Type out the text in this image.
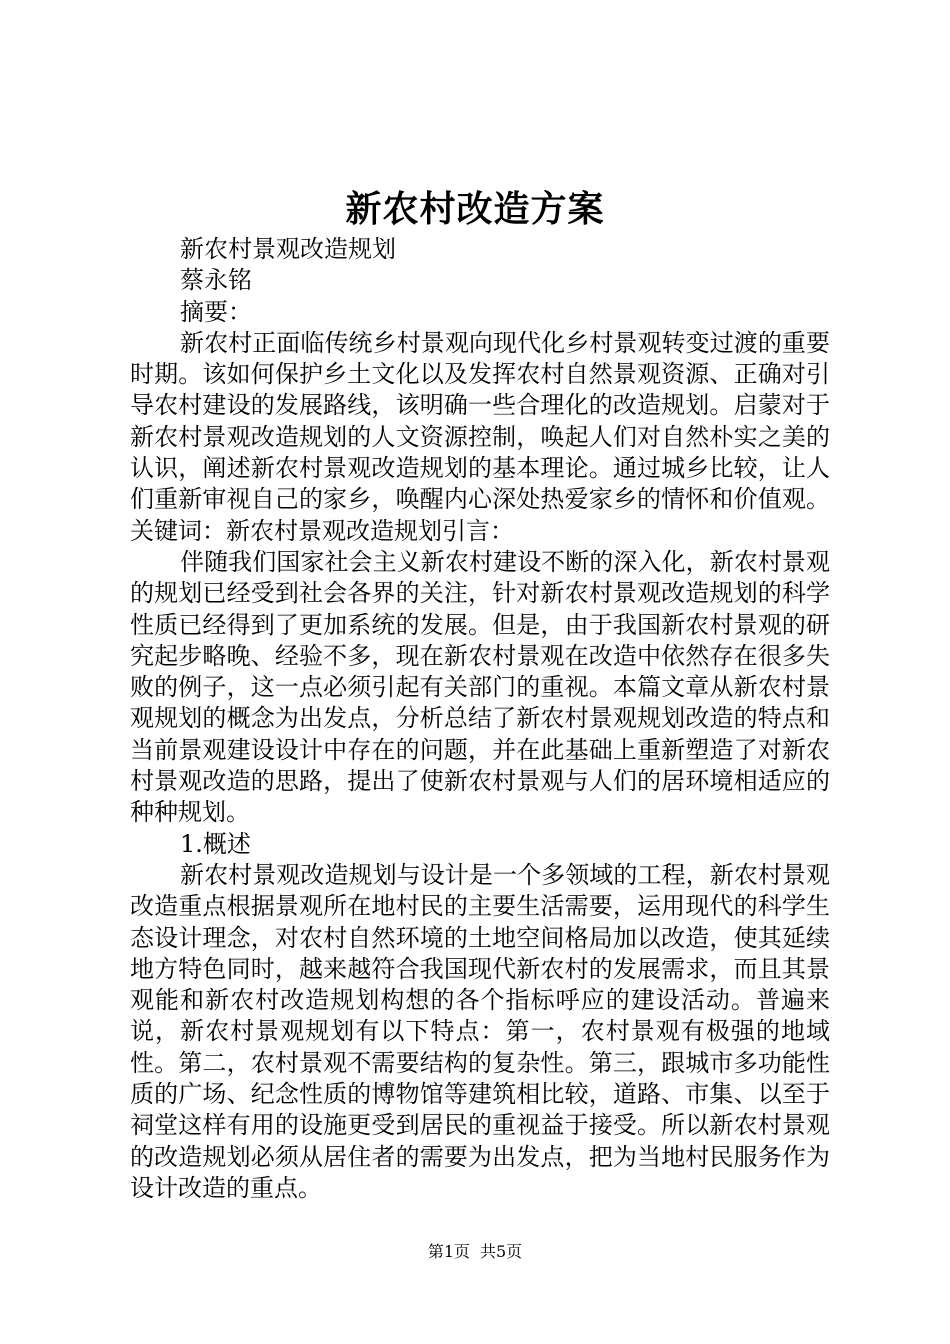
新农村改造方案

新农村景观改造规划

蔡永铭

摘要：

新农村正面临传统乡村景观向现代化乡村景观转变过渡的重要时期。该如何保护乡土文化以及发挥农村自然景观资源、正确对引导农村建设的发展路线，该明确一些合理化的改造规划。启蒙对于新农村景观改造规划的人文资源控制，唤起人们对自然朴实之美的认识，阐述新农村景观改造规划的基本理论。通过城乡比较，让人们重新审视自己的家乡，唤醒内心深处热爱家乡的情怀和价值观。关键词：新农村景观改造规划引言：

伴随我们国家社会主义新农村建设不断的深入化，新农村景观的规划已经受到社会各界的关注，针对新农村景观改造规划的科学性质已经得到了更加系统的发展。但是，由于我国新农村景观的研究起步略晚、经验不多，现在新农村景观在改造中依然存在很多失败的例子，这一点必须引起有关部门的重视。本篇文章从新农村景观规划的概念为出发点，分析总结了新农村景观规划改造的特点和当前景观建设设计中存在的问题，并在此基础上重新塑造了对新农村景观改造的思路，提出了使新农村景观与人们的居环境相适应的种种规划。

1.概述

新农村景观改造规划与设计是一个多领域的工程，新农村景观改造重点根据景观所在地村民的主要生活需要，运用现代的科学生态设计理念，对农村自然环境的土地空间格局加以改造，使其延续地方特色同时，越来越符合我国现代新农村的发展需求，而且其景观能和新农村改造规划构想的各个指标呼应的建设活动。普遍来说，新农村景观规划有以下特点：第一，农村景观有极强的地域性。第二，农村景观不需要结构的复杂性。第三，跟城市多功能性质的广场、纪念性质的博物馆等建筑相比较，道路、市集、以至于祠堂这样有用的设施更受到居民的重视益于接受。所以新农村景观的改造规划必须从居住者的需要为出发点，把为当地村民服务作为设计改造的重点。

第1页 共5页
